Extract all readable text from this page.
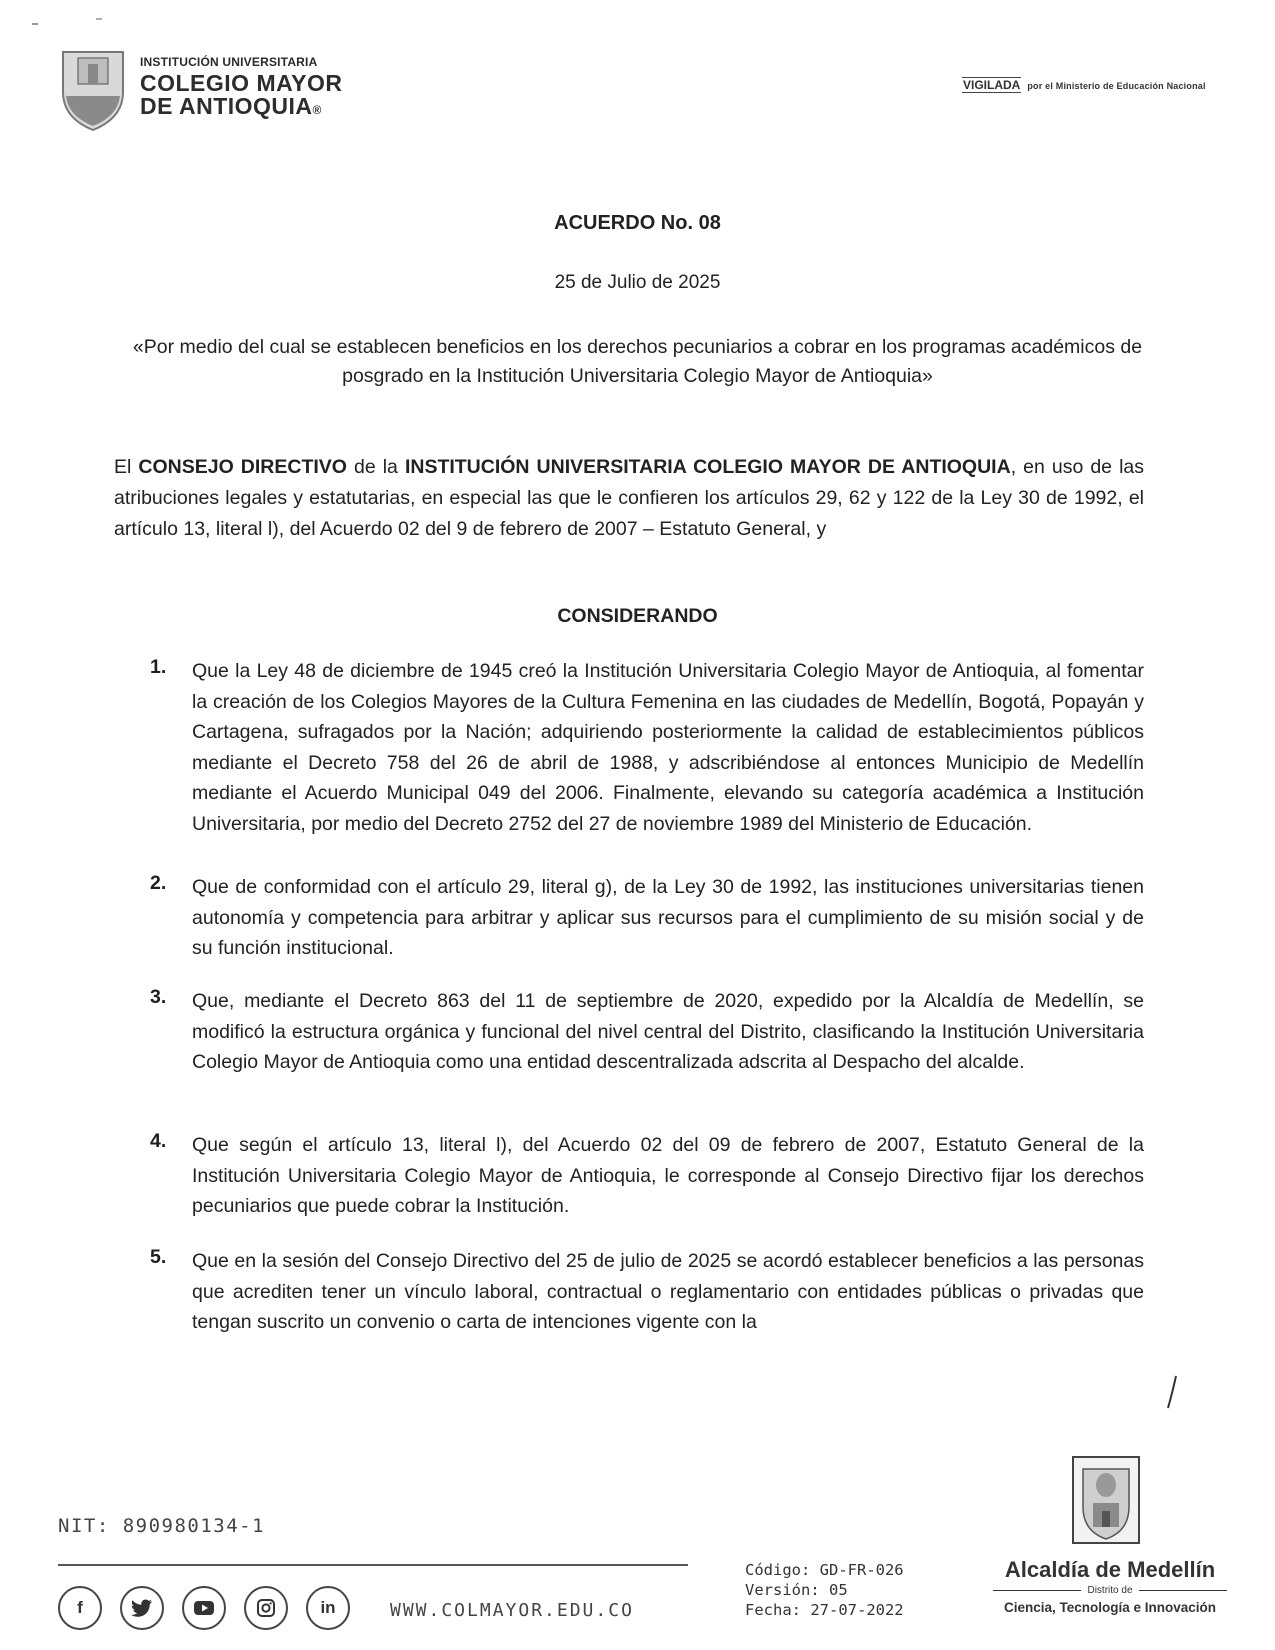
INSTITUCIÓN UNIVERSITARIA
COLEGIO MAYOR
DE ANTIOQUIA®
VIGILADA por el Ministerio de Educación Nacional
ACUERDO No. 08
25 de Julio de 2025
«Por medio del cual se establecen beneficios en los derechos pecuniarios a cobrar en los programas académicos de posgrado en la Institución Universitaria Colegio Mayor de Antioquia»
El CONSEJO DIRECTIVO de la INSTITUCIÓN UNIVERSITARIA COLEGIO MAYOR DE ANTIOQUIA, en uso de las atribuciones legales y estatutarias, en especial las que le confieren los artículos 29, 62 y 122 de la Ley 30 de 1992, el artículo 13, literal l), del Acuerdo 02 del 9 de febrero de 2007 – Estatuto General, y
CONSIDERANDO
1. Que la Ley 48 de diciembre de 1945 creó la Institución Universitaria Colegio Mayor de Antioquia, al fomentar la creación de los Colegios Mayores de la Cultura Femenina en las ciudades de Medellín, Bogotá, Popayán y Cartagena, sufragados por la Nación; adquiriendo posteriormente la calidad de establecimientos públicos mediante el Decreto 758 del 26 de abril de 1988, y adscribiéndose al entonces Municipio de Medellín mediante el Acuerdo Municipal 049 del 2006. Finalmente, elevando su categoría académica a Institución Universitaria, por medio del Decreto 2752 del 27 de noviembre 1989 del Ministerio de Educación.
2. Que de conformidad con el artículo 29, literal g), de la Ley 30 de 1992, las instituciones universitarias tienen autonomía y competencia para arbitrar y aplicar sus recursos para el cumplimiento de su misión social y de su función institucional.
3. Que, mediante el Decreto 863 del 11 de septiembre de 2020, expedido por la Alcaldía de Medellín, se modificó la estructura orgánica y funcional del nivel central del Distrito, clasificando la Institución Universitaria Colegio Mayor de Antioquia como una entidad descentralizada adscrita al Despacho del alcalde.
4. Que según el artículo 13, literal l), del Acuerdo 02 del 09 de febrero de 2007, Estatuto General de la Institución Universitaria Colegio Mayor de Antioquia, le corresponde al Consejo Directivo fijar los derechos pecuniarios que puede cobrar la Institución.
5. Que en la sesión del Consejo Directivo del 25 de julio de 2025 se acordó establecer beneficios a las personas que acrediten tener un vínculo laboral, contractual o reglamentario con entidades públicas o privadas que tengan suscrito un convenio o carta de intenciones vigente con la
NIT: 890980134-1
f	in	WWW.COLMAYOR.EDU.CO
Código: GD-FR-026
Versión: 05
Fecha: 27-07-2022
Alcaldía de Medellín
Distrito de
Ciencia, Tecnología e Innovación
